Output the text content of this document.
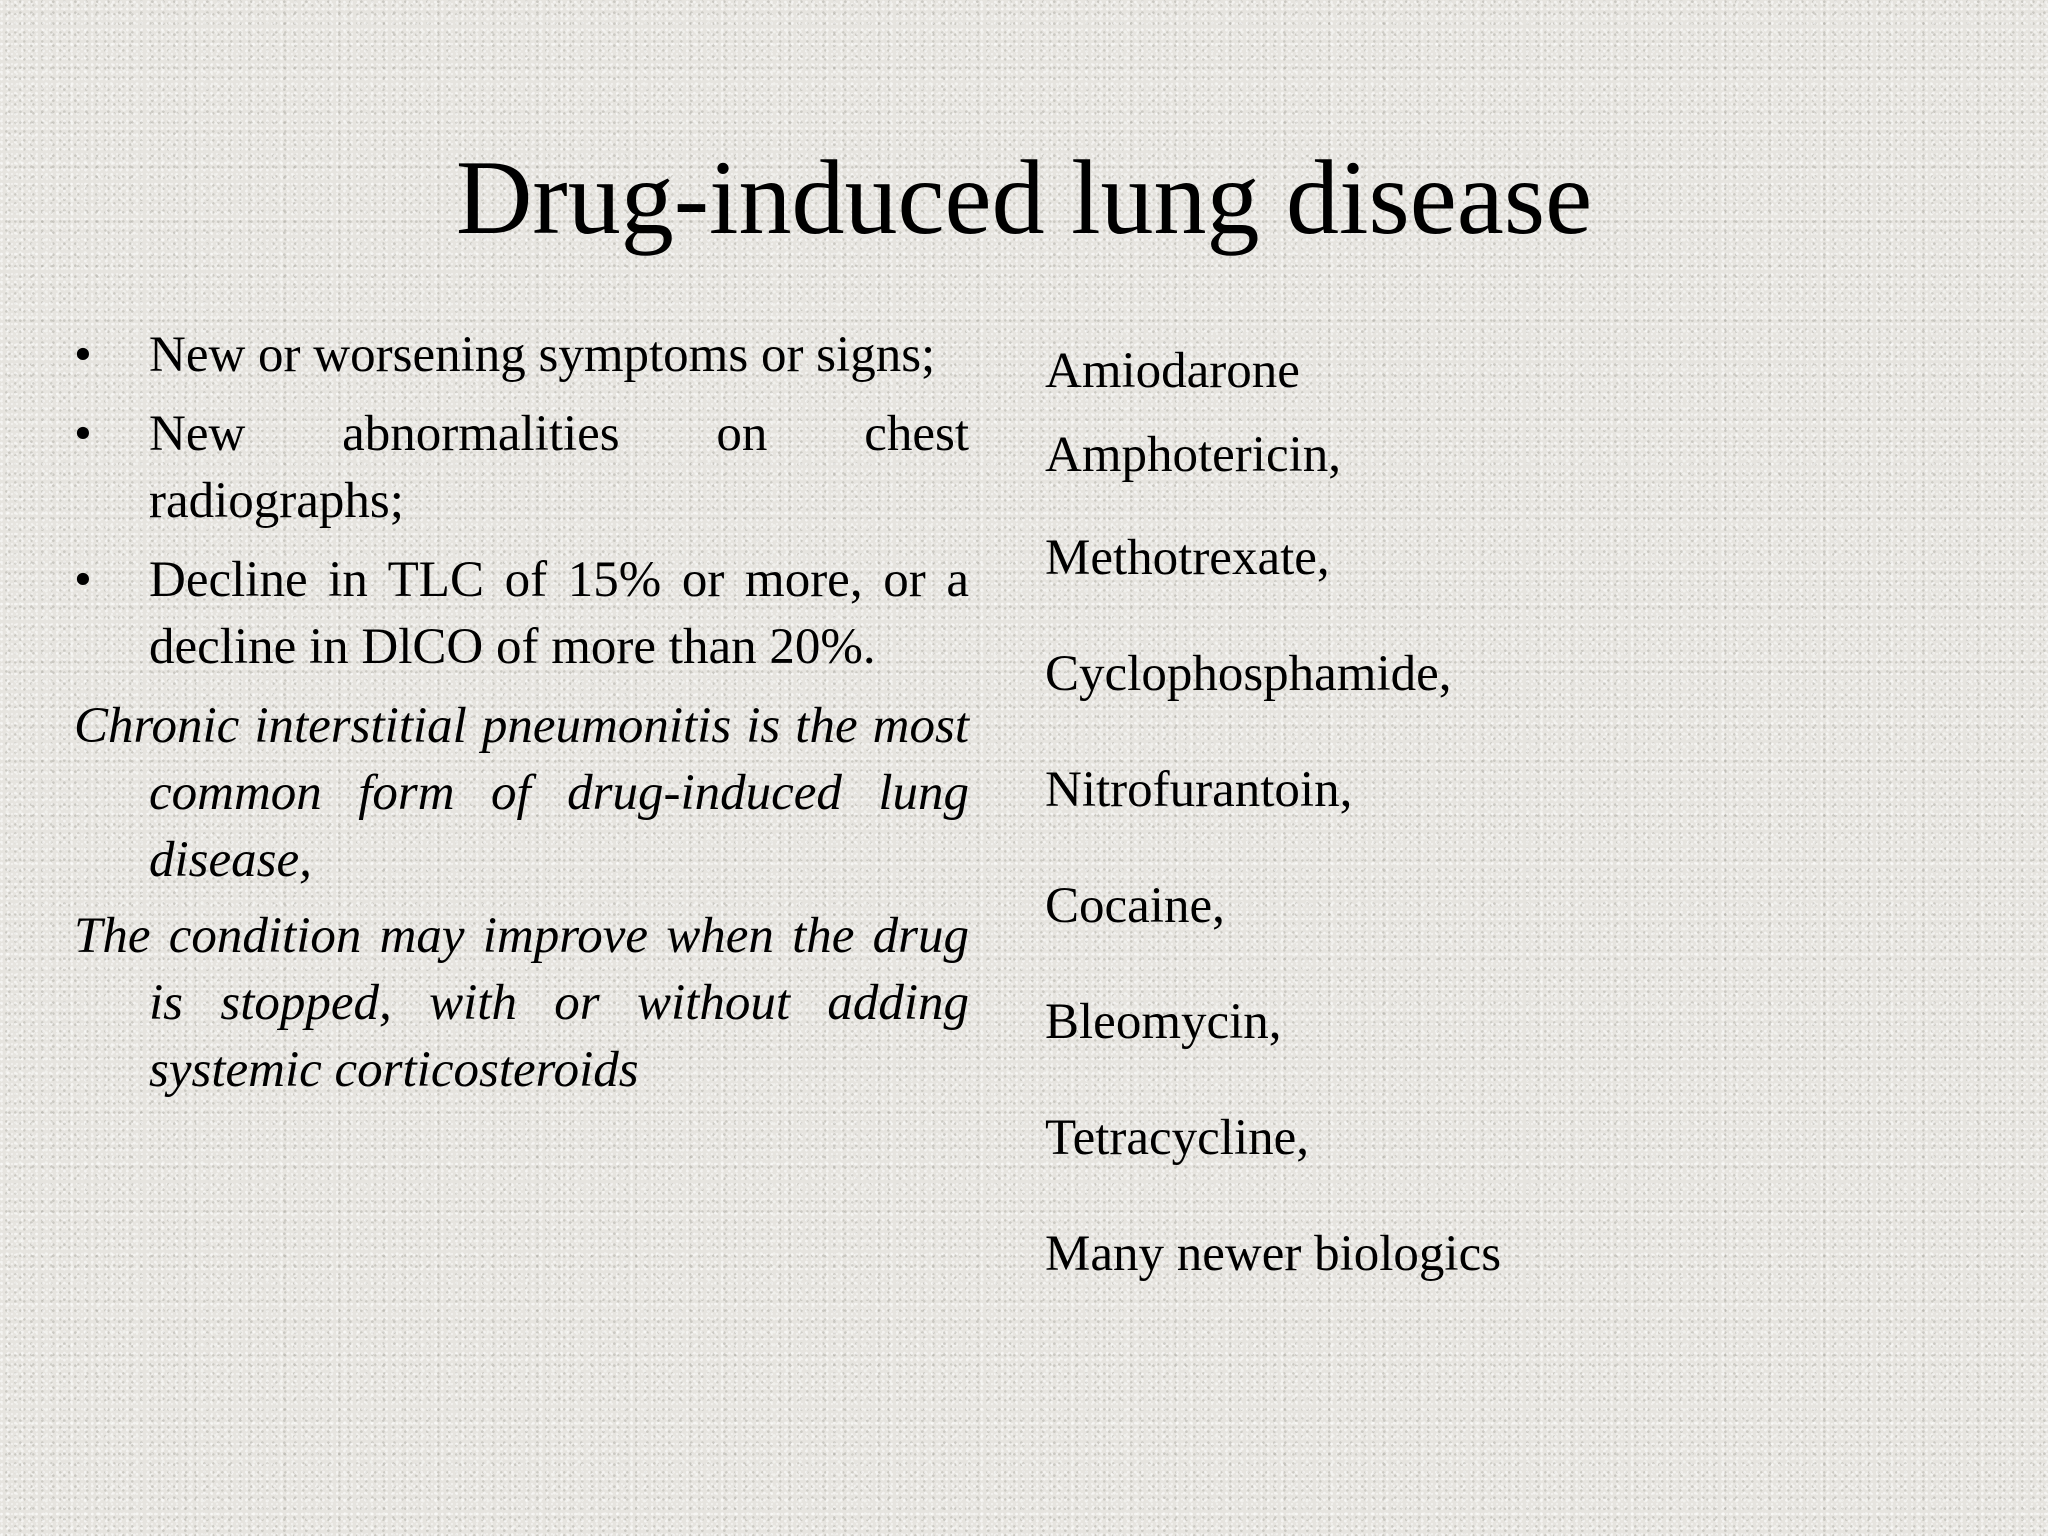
Drug-induced lung disease
• New or worsening symptoms or signs;
• New abnormalities on chest radiographs;
• Decline in TLC of 15% or more, or a decline in DlCO of more than 20%.

Chronic interstitial pneumonitis is the most common form of drug-induced lung disease,

The condition may improve when the drug is stopped, with or without adding systemic corticosteroids

Amiodarone
Amphotericin,
Methotrexate,
Cyclophosphamide,
Nitrofurantoin,
Cocaine,
Bleomycin,
Tetracycline,
Many newer biologics
